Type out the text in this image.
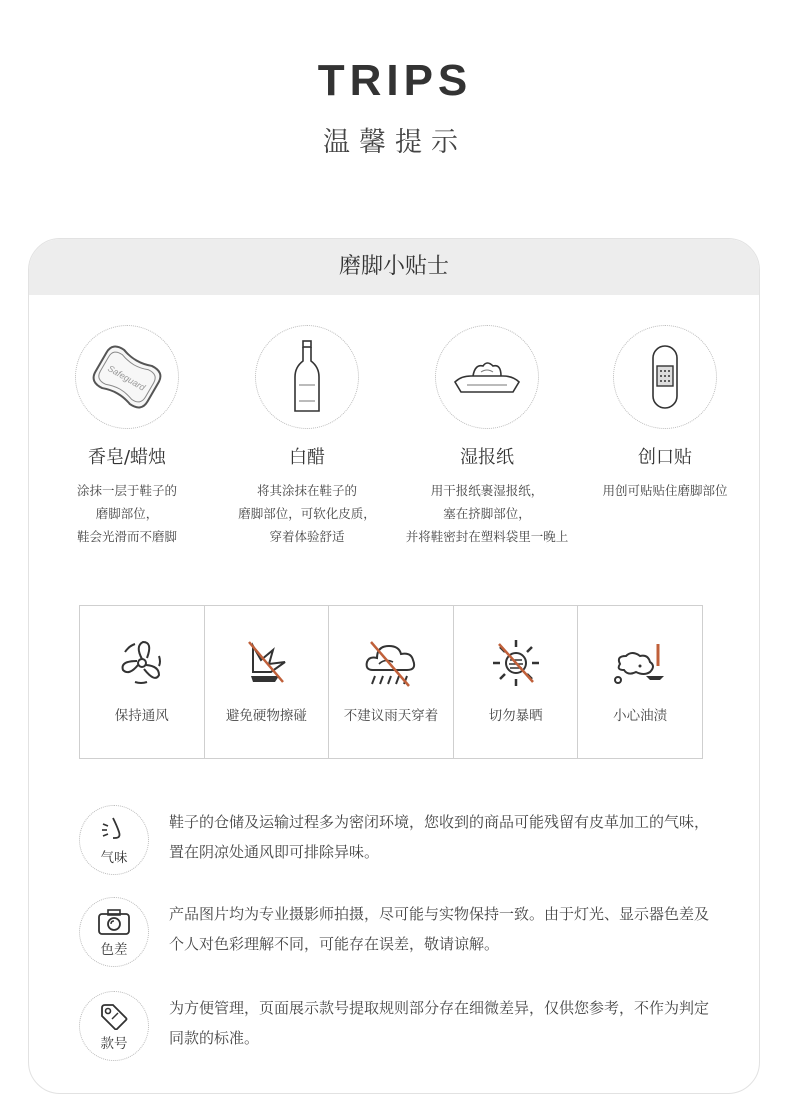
TRIPS
温馨提示
磨脚小贴士
Safeguard
香皂/蜡烛
涂抹一层于鞋子的
磨脚部位，
鞋会光滑而不磨脚
白醋
将其涂抹在鞋子的
磨脚部位，可软化皮质，
穿着体验舒适
湿报纸
用干报纸裹湿报纸，
塞在挤脚部位，
并将鞋密封在塑料袋里一晚上
创口贴
用创可贴贴住磨脚部位
保持通风	避免硬物擦碰	不建议雨天穿着	切勿暴晒	小心油渍
气味
鞋子的仓储及运输过程多为密闭环境，您收到的商品可能残留有皮革加工的气味，置在阴凉处通风即可排除异味。
色差
产品图片均为专业摄影师拍摄，尽可能与实物保持一致。由于灯光、显示器色差及个人对色彩理解不同，可能存在误差，敬请谅解。
款号
为方便管理，页面展示款号提取规则部分存在细微差异，仅供您参考，不作为判定同款的标准。
